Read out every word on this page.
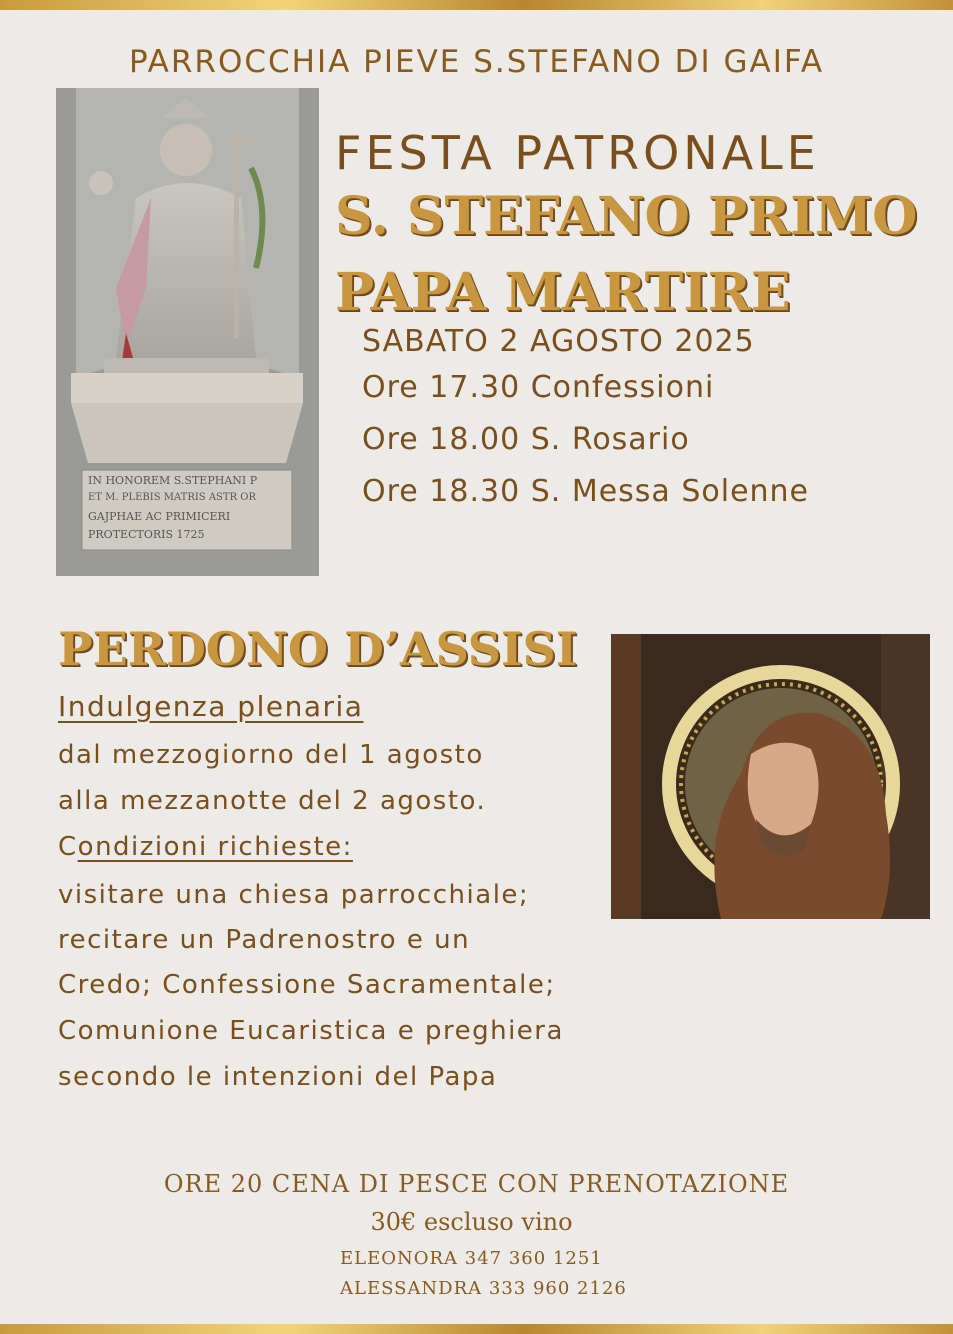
PARROCCHIA PIEVE S.STEFANO DI GAIFA
IN HONOREM S.STEPHANI P
ET M. PLEBIS MATRIS ASTR OR
GAJPHAE AC PRIMICERI
PROTECTORIS 1725
FESTA PATRONALE
S. STEFANO PRIMO
PAPA MARTIRE
SABATO 2 AGOSTO 2025
Ore 17.30 Confessioni
Ore 18.00 S. Rosario
Ore 18.30 S. Messa Solenne
PERDONO D’ASSISI
Indulgenza plenaria
dal mezzogiorno del 1 agosto
alla mezzanotte del 2 agosto.
Condizioni richieste:
visitare una chiesa parrocchiale;
recitare un Padrenostro e un
Credo; Confessione Sacramentale;
Comunione Eucaristica e preghiera
secondo le intenzioni del Papa
ORE 20 CENA DI PESCE CON PRENOTAZIONE
30€ escluso vino
ELEONORA 347 360 1251
ALESSANDRA 333 960 2126
